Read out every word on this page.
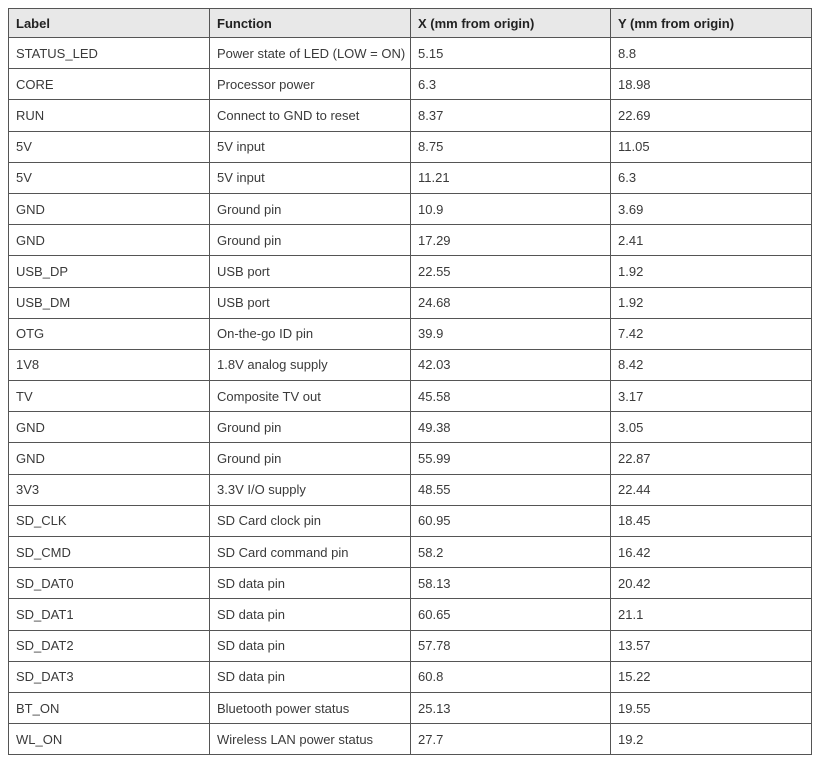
Label	Function	X (mm from origin)	Y (mm from origin)
STATUS_LED	Power state of LED (LOW = ON)	5.15	8.8
CORE	Processor power	6.3	18.98
RUN	Connect to GND to reset	8.37	22.69
5V	5V input	8.75	11.05
5V	5V input	11.21	6.3
GND	Ground pin	10.9	3.69
GND	Ground pin	17.29	2.41
USB_DP	USB port	22.55	1.92
USB_DM	USB port	24.68	1.92
OTG	On-the-go ID pin	39.9	7.42
1V8	1.8V analog supply	42.03	8.42
TV	Composite TV out	45.58	3.17
GND	Ground pin	49.38	3.05
GND	Ground pin	55.99	22.87
3V3	3.3V I/O supply	48.55	22.44
SD_CLK	SD Card clock pin	60.95	18.45
SD_CMD	SD Card command pin	58.2	16.42
SD_DAT0	SD data pin	58.13	20.42
SD_DAT1	SD data pin	60.65	21.1
SD_DAT2	SD data pin	57.78	13.57
SD_DAT3	SD data pin	60.8	15.22
BT_ON	Bluetooth power status	25.13	19.55
WL_ON	Wireless LAN power status	27.7	19.2
